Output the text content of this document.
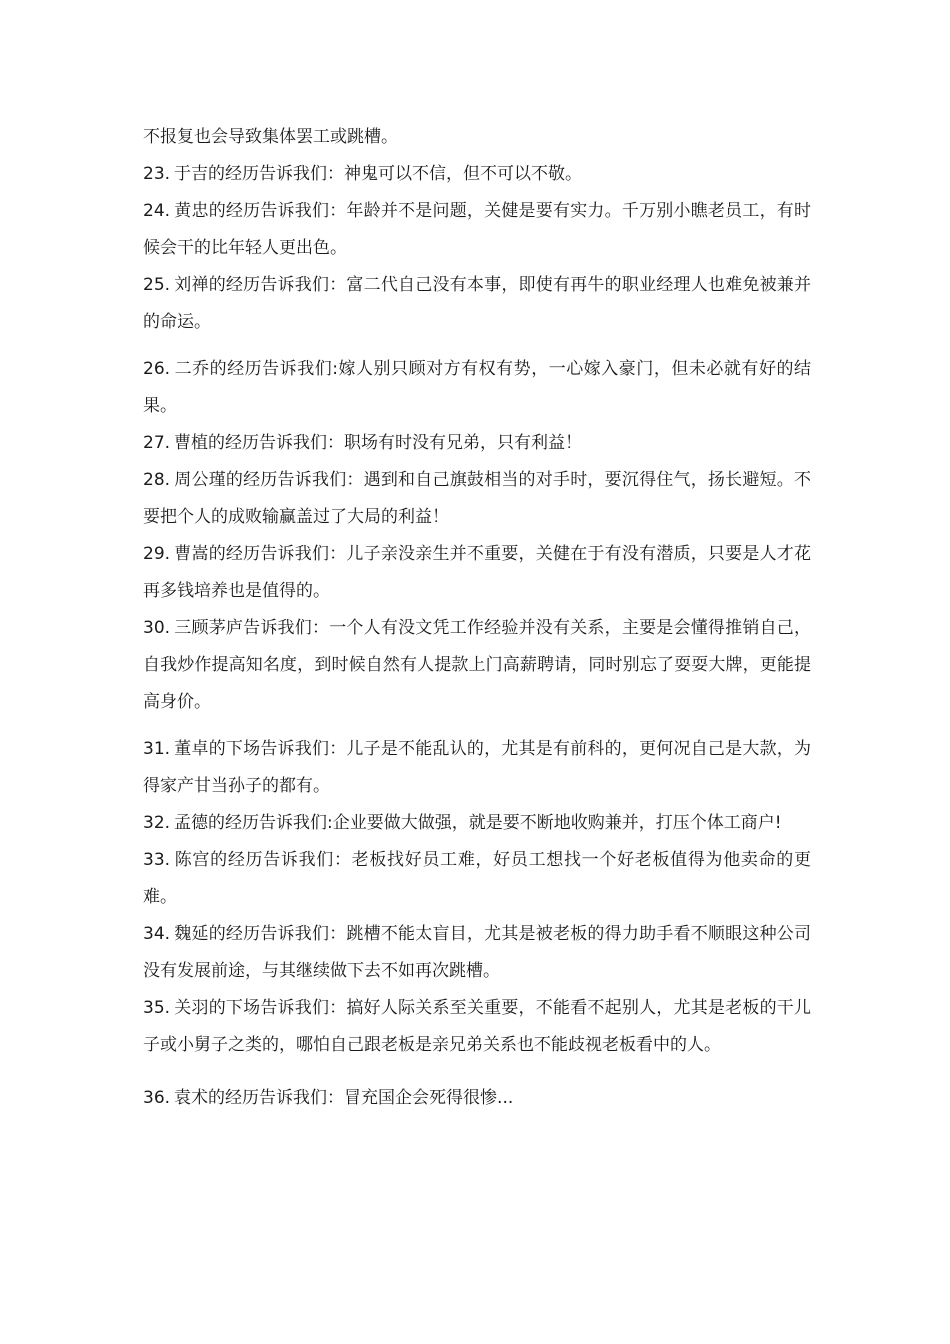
不报复也会导致集体罢工或跳槽。

23. 于吉的经历告诉我们：神鬼可以不信，但不可以不敬。

24. 黄忠的经历告诉我们：年龄并不是问题，关健是要有实力。千万别小瞧老员工，有时候会干的比年轻人更出色。

25. 刘禅的经历告诉我们：富二代自己没有本事，即使有再牛的职业经理人也难免被兼并的命运。

26. 二乔的经历告诉我们:嫁人别只顾对方有权有势，一心嫁入豪门，但未必就有好的结果。

27. 曹植的经历告诉我们：职场有时没有兄弟，只有利益！

28. 周公瑾的经历告诉我们：遇到和自己旗鼓相当的对手时，要沉得住气，扬长避短。不要把个人的成败输赢盖过了大局的利益！

29. 曹嵩的经历告诉我们：儿子亲没亲生并不重要，关健在于有没有潜质，只要是人才花再多钱培养也是值得的。

30. 三顾茅庐告诉我们：一个人有没文凭工作经验并没有关系，主要是会懂得推销自己，自我炒作提高知名度，到时候自然有人提款上门高薪聘请，同时别忘了耍耍大牌，更能提高身价。

31. 董卓的下场告诉我们：儿子是不能乱认的，尤其是有前科的，更何况自己是大款，为得家产甘当孙子的都有。

32. 孟德的经历告诉我们:企业要做大做强，就是要不断地收购兼并，打压个体工商户!

33. 陈宫的经历告诉我们：老板找好员工难，好员工想找一个好老板值得为他卖命的更难。

34. 魏延的经历告诉我们：跳槽不能太盲目，尤其是被老板的得力助手看不顺眼这种公司没有发展前途，与其继续做下去不如再次跳槽。

35. 关羽的下场告诉我们：搞好人际关系至关重要，不能看不起别人，尤其是老板的干儿子或小舅子之类的，哪怕自己跟老板是亲兄弟关系也不能歧视老板看中的人。

36. 袁术的经历告诉我们：冒充国企会死得很惨...
